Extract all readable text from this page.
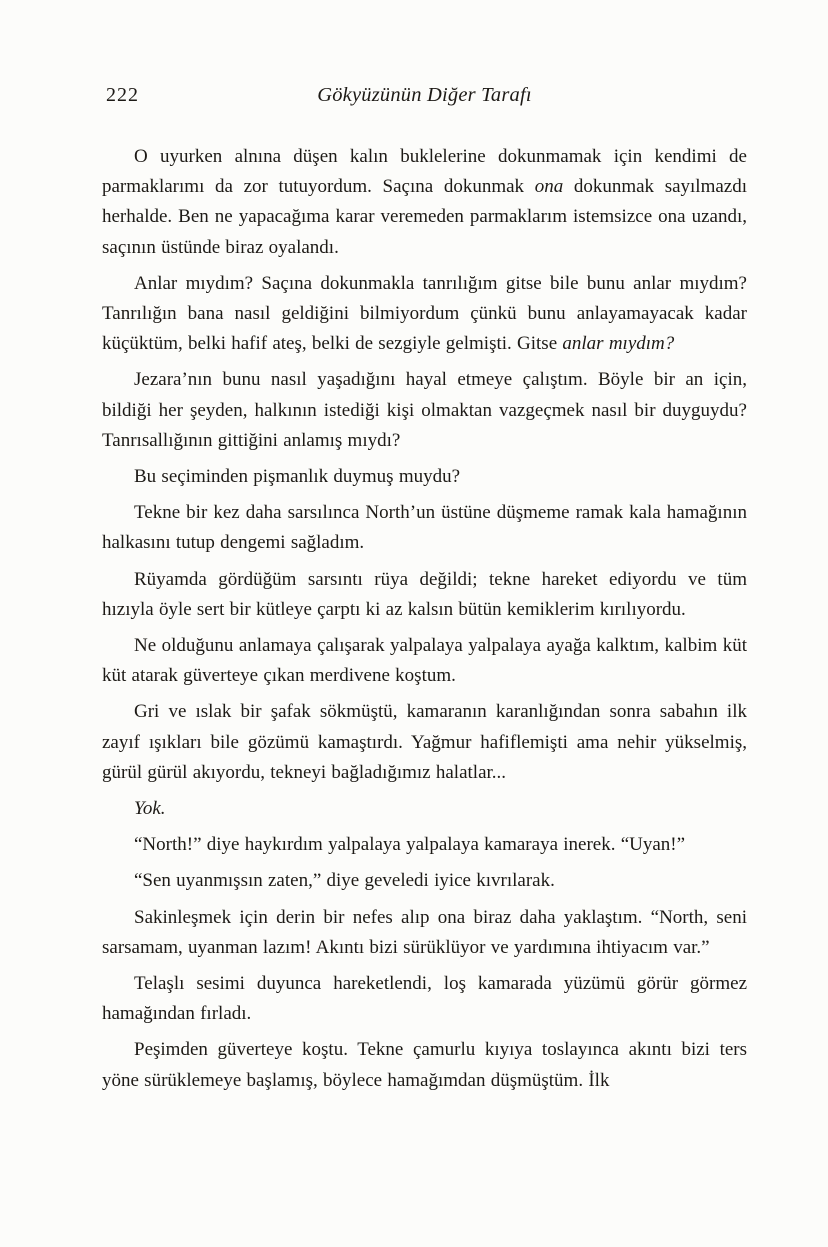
222	Gökyüzünün Diğer Tarafı

O uyurken alnına düşen kalın buklelerine dokunmamak için kendimi de parmaklarımı da zor tutuyordum. Saçına dokunmak ona dokunmak sayılmazdı herhalde. Ben ne yapacağıma karar veremeden parmaklarım istemsizce ona uzandı, saçının üstünde biraz oyalandı.

Anlar mıydım? Saçına dokunmakla tanrılığım gitse bile bunu anlar mıydım? Tanrılığın bana nasıl geldiğini bilmiyordum çünkü bunu anlayamayacak kadar küçüktüm, belki hafif ateş, belki de sezgiyle gelmişti. Gitse anlar mıydım?

Jezara’nın bunu nasıl yaşadığını hayal etmeye çalıştım. Böyle bir an için, bildiği her şeyden, halkının istediği kişi olmaktan vazgeçmek nasıl bir duyguydu? Tanrısallığının gittiğini anlamış mıydı?

Bu seçiminden pişmanlık duymuş muydu?

Tekne bir kez daha sarsılınca North’un üstüne düşmeme ramak kala hamağının halkasını tutup dengemi sağladım.

Rüyamda gördüğüm sarsıntı rüya değildi; tekne hareket ediyordu ve tüm hızıyla öyle sert bir kütleye çarptı ki az kalsın bütün kemiklerim kırılıyordu.

Ne olduğunu anlamaya çalışarak yalpalaya yalpalaya ayağa kalktım, kalbim küt küt atarak güverteye çıkan merdivene koştum.

Gri ve ıslak bir şafak sökmüştü, kamaranın karanlığından sonra sabahın ilk zayıf ışıkları bile gözümü kamaştırdı. Yağmur hafiflemişti ama nehir yükselmiş, gürül gürül akıyordu, tekneyi bağladığımız halatlar...

Yok.

“North!” diye haykırdım yalpalaya yalpalaya kamaraya inerek. “Uyan!”

“Sen uyanmışsın zaten,” diye geveledi iyice kıvrılarak.

Sakinleşmek için derin bir nefes alıp ona biraz daha yaklaştım. “North, seni sarsamam, uyanman lazım! Akıntı bizi sürüklüyor ve yardımına ihtiyacım var.”

Telaşlı sesimi duyunca hareketlendi, loş kamarada yüzümü görür görmez hamağından fırladı.

Peşimden güverteye koştu. Tekne çamurlu kıyıya toslayınca akıntı bizi ters yöne sürüklemeye başlamış, böylece hamağımdan düşmüştüm. İlk
